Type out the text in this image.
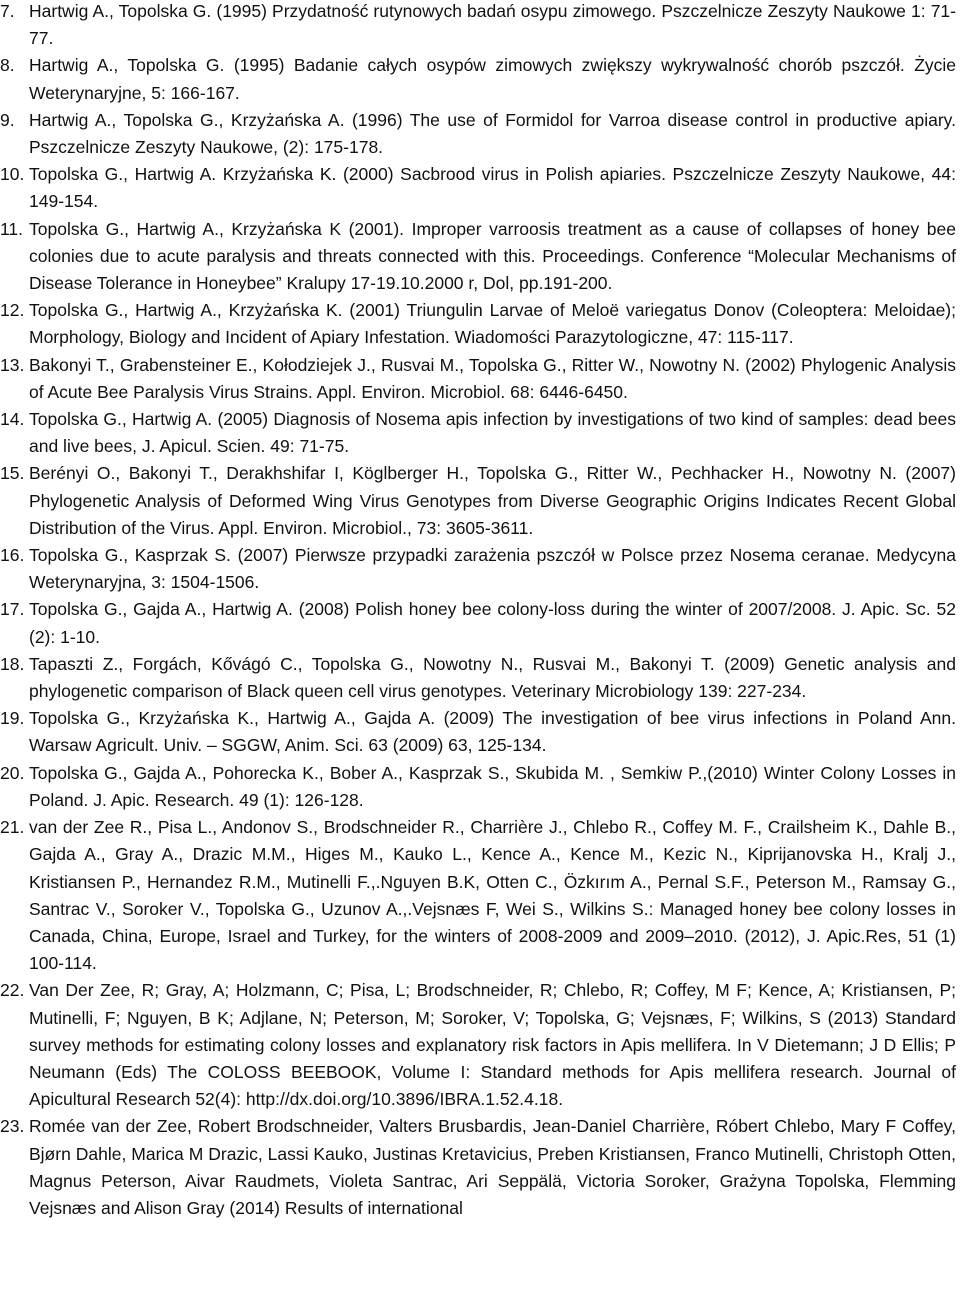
7. Hartwig A., Topolska G. (1995) Przydatność rutynowych badań osypu zimowego. Pszczelnicze Zeszyty Naukowe 1: 71-77.
8. Hartwig A., Topolska G. (1995) Badanie całych osypów zimowych zwiększy wykrywalność chorób pszczół. Życie Weterynaryjne, 5: 166-167.
9. Hartwig A., Topolska G., Krzyżańska A. (1996) The use of Formidol for Varroa disease control in productive apiary. Pszczelnicze Zeszyty Naukowe, (2): 175-178.
10. Topolska G., Hartwig A. Krzyżańska K. (2000) Sacbrood virus in Polish apiaries. Pszczelnicze Zeszyty Naukowe, 44: 149-154.
11. Topolska G., Hartwig A., Krzyżańska K (2001). Improper varroosis treatment as a cause of collapses of honey bee colonies due to acute paralysis and threats connected with this. Proceedings. Conference “Molecular Mechanisms of Disease Tolerance in Honeybee” Kralupy 17-19.10.2000 r, Dol, pp.191-200.
12. Topolska G., Hartwig A., Krzyżańska K. (2001) Triungulin Larvae of Meloë variegatus Donov (Coleoptera: Meloidae); Morphology, Biology and Incident of Apiary Infestation. Wiadomości Parazytologiczne, 47: 115-117.
13. Bakonyi T., Grabensteiner E., Kołodziejek J., Rusvai M., Topolska G., Ritter W., Nowotny N. (2002) Phylogenic Analysis of Acute Bee Paralysis Virus Strains. Appl. Environ. Microbiol. 68: 6446-6450.
14. Topolska G., Hartwig A. (2005) Diagnosis of Nosema apis infection by investigations of two kind of samples: dead bees and live bees, J. Apicul. Scien. 49: 71-75.
15. Berényi O., Bakonyi T., Derakhshifar I, Köglberger H., Topolska G., Ritter W., Pechhacker H., Nowotny N. (2007) Phylogenetic Analysis of Deformed Wing Virus Genotypes from Diverse Geographic Origins Indicates Recent Global Distribution of the Virus. Appl. Environ. Microbiol., 73: 3605-3611.
16. Topolska G., Kasprzak S. (2007) Pierwsze przypadki zarażenia pszczół w Polsce przez Nosema ceranae. Medycyna Weterynaryjna, 3: 1504-1506.
17. Topolska G., Gajda A., Hartwig A. (2008) Polish honey bee colony-loss during the winter of 2007/2008. J. Apic. Sc. 52 (2): 1-10.
18. Tapaszti Z., Forgách, Kővágó C., Topolska G., Nowotny N., Rusvai M., Bakonyi T. (2009) Genetic analysis and phylogenetic comparison of Black queen cell virus genotypes. Veterinary Microbiology 139: 227-234.
19. Topolska G., Krzyżańska K., Hartwig A., Gajda A. (2009) The investigation of bee virus infections in Poland Ann. Warsaw Agricult. Univ. – SGGW, Anim. Sci. 63 (2009) 63, 125-134.
20. Topolska G., Gajda A., Pohorecka K., Bober A., Kasprzak S., Skubida M. , Semkiw P.,(2010) Winter Colony Losses in Poland. J. Apic. Research. 49 (1): 126-128.
21. van der Zee R., Pisa L., Andonov S., Brodschneider R., Charrière J., Chlebo R., Coffey M. F., Crailsheim K., Dahle B., Gajda A., Gray A., Drazic M.M., Higes M., Kauko L., Kence A., Kence M., Kezic N., Kiprijanovska H., Kralj J., Kristiansen P., Hernandez R.M., Mutinelli F.,.Nguyen B.K, Otten C., Özkırım A., Pernal S.F., Peterson M., Ramsay G., Santrac V., Soroker V., Topolska G., Uzunov A.,.Vejsnæs F, Wei S., Wilkins S.: Managed honey bee colony losses in Canada, China, Europe, Israel and Turkey, for the winters of 2008-2009 and 2009–2010. (2012), J. Apic.Res, 51 (1) 100-114.
22. Van Der Zee, R; Gray, A; Holzmann, C; Pisa, L; Brodschneider, R; Chlebo, R; Coffey, M F; Kence, A; Kristiansen, P; Mutinelli, F; Nguyen, B K; Adjlane, N; Peterson, M; Soroker, V; Topolska, G; Vejsnæs, F; Wilkins, S (2013) Standard survey methods for estimating colony losses and explanatory risk factors in Apis mellifera. In V Dietemann; J D Ellis; P Neumann (Eds) The COLOSS BEEBOOK, Volume I: Standard methods for Apis mellifera research. Journal of Apicultural Research 52(4): http://dx.doi.org/10.3896/IBRA.1.52.4.18.
23. Romée van der Zee, Robert Brodschneider, Valters Brusbardis, Jean-Daniel Charrière, Róbert Chlebo, Mary F Coffey, Bjørn Dahle, Marica M Drazic, Lassi Kauko, Justinas Kretavicius, Preben Kristiansen, Franco Mutinelli, Christoph Otten, Magnus Peterson, Aivar Raudmets, Violeta Santrac, Ari Seppälä, Victoria Soroker, Grażyna Topolska, Flemming Vejsnæs and Alison Gray (2014) Results of international
